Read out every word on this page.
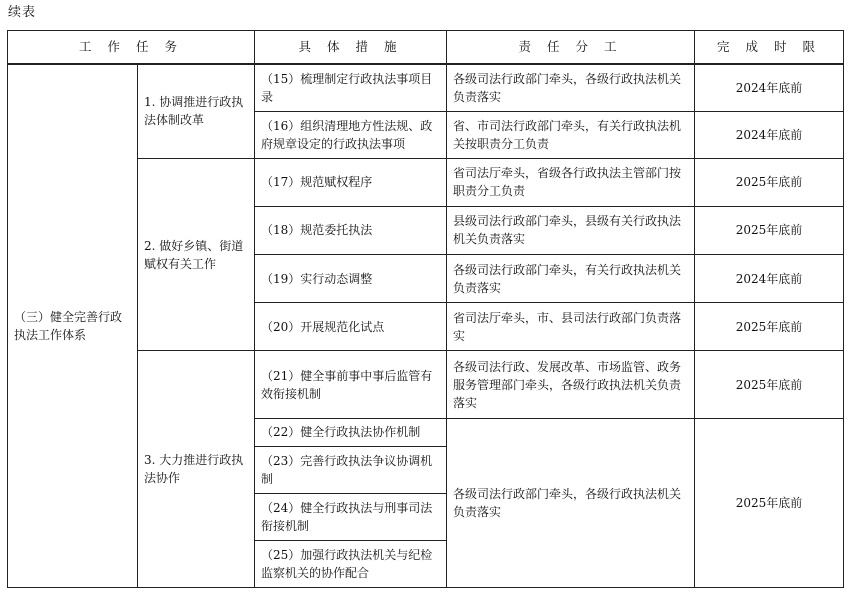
续表
工 作 任 务		具 体 措 施	责 任 分 工	完 成 时 限
（三）健全完善行政执法工作体系	1. 协调推进行政执法体制改革	（15）梳理制定行政执法事项目录	各级司法行政部门牵头，各级行政执法机关负责落实	2024年底前
		（16）组织清理地方性法规、政府规章设定的行政执法事项	省、市司法行政部门牵头，有关行政执法机关按职责分工负责	2024年底前
	2. 做好乡镇、街道赋权有关工作	（17）规范赋权程序	省司法厅牵头，省级各行政执法主管部门按职责分工负责	2025年底前
		（18）规范委托执法	县级司法行政部门牵头，县级有关行政执法机关负责落实	2025年底前
		（19）实行动态调整	各级司法行政部门牵头，有关行政执法机关负责落实	2024年底前
		（20）开展规范化试点	省司法厅牵头，市、县司法行政部门负责落实	2025年底前
	3. 大力推进行政执法协作	（21）健全事前事中事后监管有效衔接机制	各级司法行政、发展改革、市场监管、政务服务管理部门牵头，各级行政执法机关负责落实	2025年底前
		（22）健全行政执法协作机制	各级司法行政部门牵头，各级行政执法机关负责落实	2025年底前
		（23）完善行政执法争议协调机制		
		（24）健全行政执法与刑事司法衔接机制		
		（25）加强行政执法机关与纪检监察机关的协作配合		
